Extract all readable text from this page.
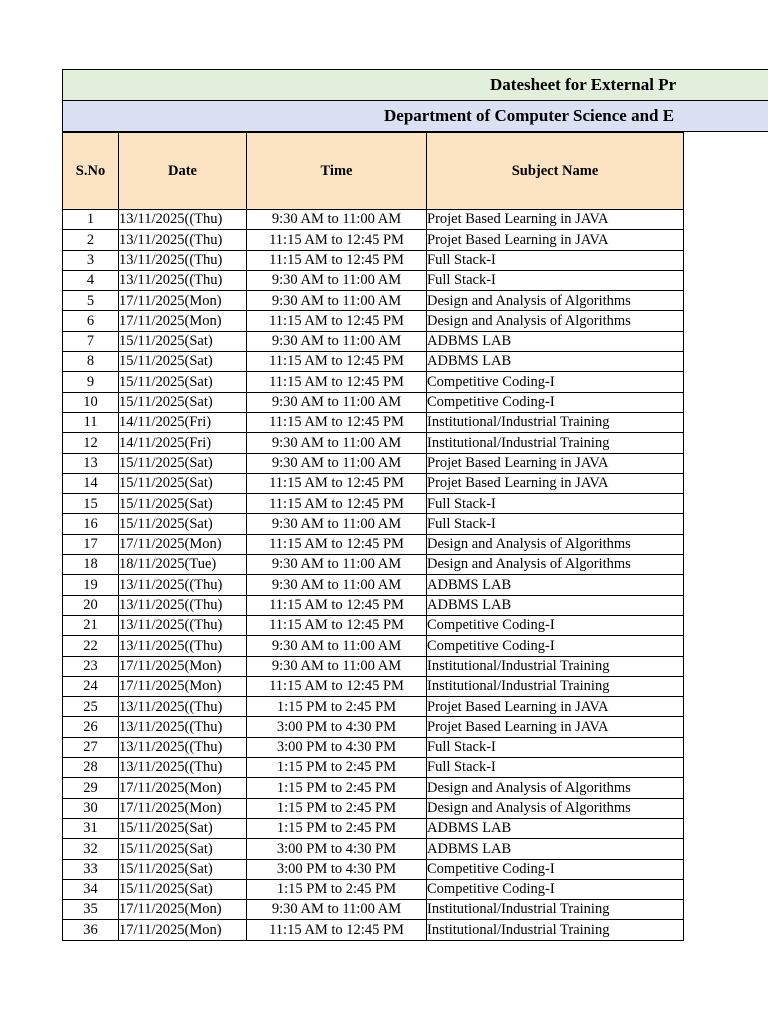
Datesheet for External Pr
Department of Computer Science and E
S.No	Date	Time	Subject Name
1	13/11/2025((Thu)	9:30 AM to 11:00 AM	Projet Based Learning in JAVA
2	13/11/2025((Thu)	11:15 AM to 12:45 PM	Projet Based Learning in JAVA
3	13/11/2025((Thu)	11:15 AM to 12:45 PM	Full Stack-I
4	13/11/2025((Thu)	9:30 AM to 11:00 AM	Full Stack-I
5	17/11/2025(Mon)	9:30 AM to 11:00 AM	Design and Analysis of Algorithms
6	17/11/2025(Mon)	11:15 AM to 12:45 PM	Design and Analysis of Algorithms
7	15/11/2025(Sat)	9:30 AM to 11:00 AM	ADBMS LAB
8	15/11/2025(Sat)	11:15 AM to 12:45 PM	ADBMS LAB
9	15/11/2025(Sat)	11:15 AM to 12:45 PM	Competitive Coding-I
10	15/11/2025(Sat)	9:30 AM to 11:00 AM	Competitive Coding-I
11	14/11/2025(Fri)	11:15 AM to 12:45 PM	Institutional/Industrial Training
12	14/11/2025(Fri)	9:30 AM to 11:00 AM	Institutional/Industrial Training
13	15/11/2025(Sat)	9:30 AM to 11:00 AM	Projet Based Learning in JAVA
14	15/11/2025(Sat)	11:15 AM to 12:45 PM	Projet Based Learning in JAVA
15	15/11/2025(Sat)	11:15 AM to 12:45 PM	Full Stack-I
16	15/11/2025(Sat)	9:30 AM to 11:00 AM	Full Stack-I
17	17/11/2025(Mon)	11:15 AM to 12:45 PM	Design and Analysis of Algorithms
18	18/11/2025(Tue)	9:30 AM to 11:00 AM	Design and Analysis of Algorithms
19	13/11/2025((Thu)	9:30 AM to 11:00 AM	ADBMS LAB
20	13/11/2025((Thu)	11:15 AM to 12:45 PM	ADBMS LAB
21	13/11/2025((Thu)	11:15 AM to 12:45 PM	Competitive Coding-I
22	13/11/2025((Thu)	9:30 AM to 11:00 AM	Competitive Coding-I
23	17/11/2025(Mon)	9:30 AM to 11:00 AM	Institutional/Industrial Training
24	17/11/2025(Mon)	11:15 AM to 12:45 PM	Institutional/Industrial Training
25	13/11/2025((Thu)	1:15 PM to 2:45 PM	Projet Based Learning in JAVA
26	13/11/2025((Thu)	3:00 PM to 4:30 PM	Projet Based Learning in JAVA
27	13/11/2025((Thu)	3:00 PM to 4:30 PM	Full Stack-I
28	13/11/2025((Thu)	1:15 PM to 2:45 PM	Full Stack-I
29	17/11/2025(Mon)	1:15 PM to 2:45 PM	Design and Analysis of Algorithms
30	17/11/2025(Mon)	1:15 PM to 2:45 PM	Design and Analysis of Algorithms
31	15/11/2025(Sat)	1:15 PM to 2:45 PM	ADBMS LAB
32	15/11/2025(Sat)	3:00 PM to 4:30 PM	ADBMS LAB
33	15/11/2025(Sat)	3:00 PM to 4:30 PM	Competitive Coding-I
34	15/11/2025(Sat)	1:15 PM to 2:45 PM	Competitive Coding-I
35	17/11/2025(Mon)	9:30 AM to 11:00 AM	Institutional/Industrial Training
36	17/11/2025(Mon)	11:15 AM to 12:45 PM	Institutional/Industrial Training
